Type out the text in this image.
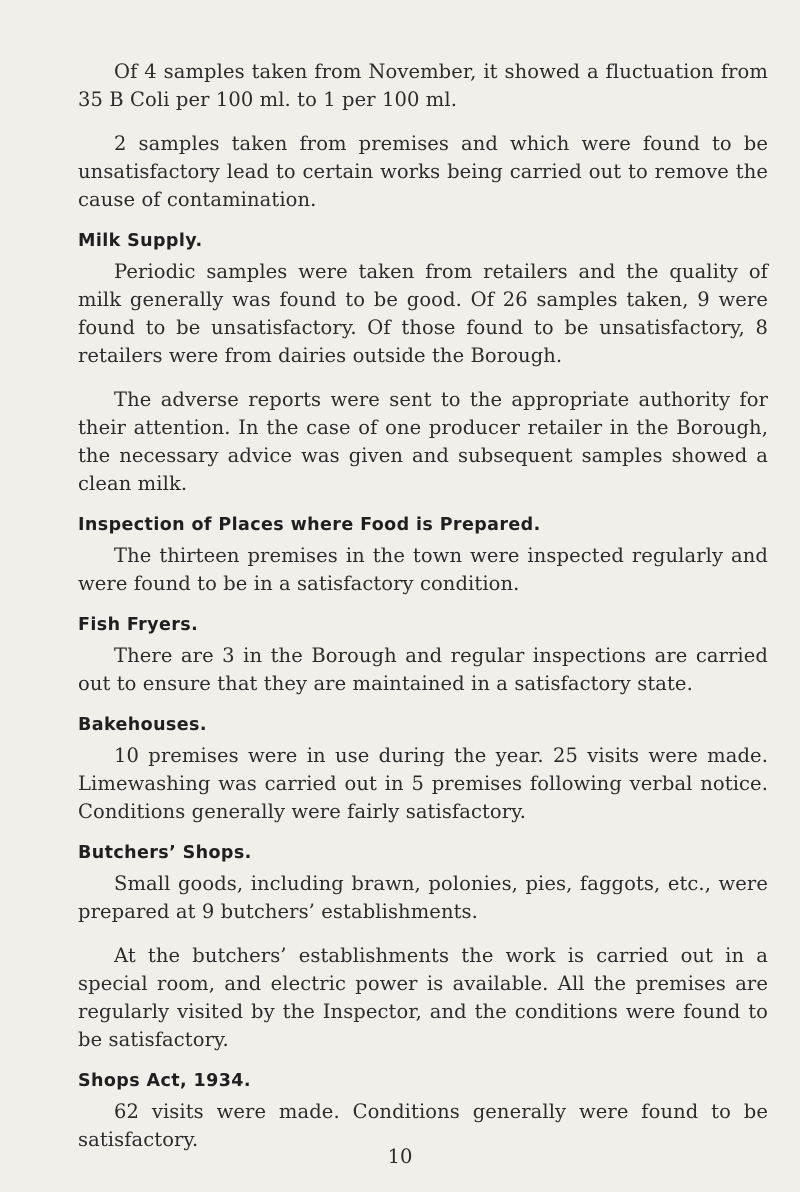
Of 4 samples taken from November, it showed a fluctuation from 35 B Coli per 100 ml. to 1 per 100 ml.

2 samples taken from premises and which were found to be unsatisfactory lead to certain works being carried out to remove the cause of contamination.

Milk Supply.

Periodic samples were taken from retailers and the quality of milk generally was found to be good. Of 26 samples taken, 9 were found to be unsatisfactory. Of those found to be unsatisfactory, 8 retailers were from dairies outside the Borough.

The adverse reports were sent to the appropriate authority for their attention. In the case of one producer retailer in the Borough, the necessary advice was given and subsequent samples showed a clean milk.

Inspection of Places where Food is Prepared.

The thirteen premises in the town were inspected regularly and were found to be in a satisfactory condition.

Fish Fryers.

There are 3 in the Borough and regular inspections are carried out to ensure that they are maintained in a satisfactory state.

Bakehouses.

10 premises were in use during the year. 25 visits were made. Limewashing was carried out in 5 premises following verbal notice. Conditions generally were fairly satisfactory.

Butchers’ Shops.

Small goods, including brawn, polonies, pies, faggots, etc., were prepared at 9 butchers’ establishments.

At the butchers’ establishments the work is carried out in a special room, and electric power is available. All the premises are regularly visited by the Inspector, and the conditions were found to be satisfactory.

Shops Act, 1934.

62 visits were made. Conditions generally were found to be satisfactory.

10
